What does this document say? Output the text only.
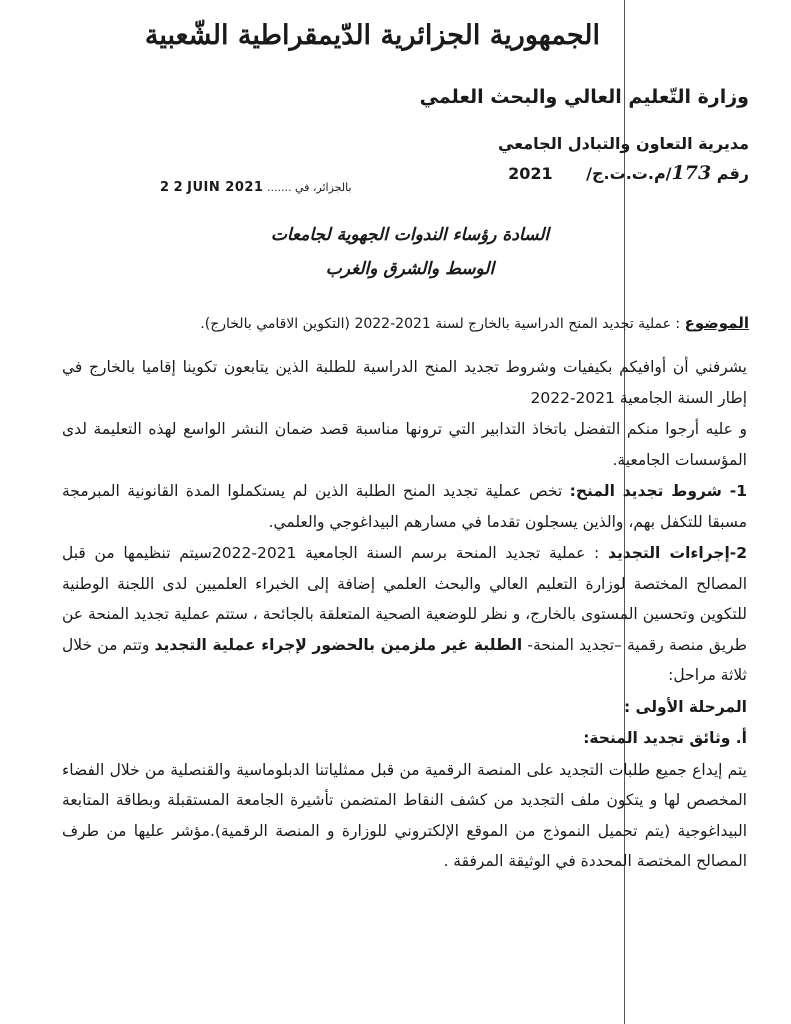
الجمهورية الجزائرية الدّيمقراطية الشّعبية
وزارة التّعليم العالي والبحث العلمي
مديرية التعاون والتبادل الجامعي
رقم 173/م.ت.ت.ج/ 2021
بالجزائر، في ....... 2 2 JUIN 2021
السادة رؤساء الندوات الجهوية لجامعات
الوسط والشرق والغرب
الموضوع : عملية تجديد المنح الدراسية بالخارج لسنة 2021-2022 (التكوين الاقامي بالخارج).

يشرفني أن أوافيكم بكيفيات وشروط تجديد المنح الدراسية للطلبة الذين يتابعون تكوينا إقاميا بالخارج في إطار السنة الجامعية 2021-2022

و عليه أرجوا منكم التفضل باتخاذ التدابير التي ترونها مناسبة قصد ضمان النشر الواسع لهذه التعليمة لدى المؤسسات الجامعية.

1- شروط تجديد المنح: تخص عملية تجديد المنح الطلبة الذين لم يستكملوا المدة القانونية المبرمجة مسبقا للتكفل بهم، والذين يسجلون تقدما في مسارهم البيداغوجي والعلمي.

2-إجراءات التجديد : عملية تجديد المنحة برسم السنة الجامعية 2021-2022سيتم تنظيمها من قبل المصالح المختصة لوزارة التعليم العالي والبحث العلمي إضافة إلى الخبراء العلميين لدى اللجنة الوطنية للتكوين وتحسين المستوى بالخارج، و نظر للوضعية الصحية المتعلقة بالجائحة ، ستتم عملية تجديد المنحة عن طريق منصة رقمية –تجديد المنحة- الطلبة غير ملزمين بالحضور لإجراء عملية التجديد وتتم من خلال ثلاثة مراحل:

المرحلة الأولى :

أ. وثائق تجديد المنحة:

يتم إيداع جميع طلبات التجديد على المنصة الرقمية من قبل ممثلياتنا الدبلوماسية والقنصلية من خلال الفضاء المخصص لها و يتكون ملف التجديد من كشف النقاط المتضمن تأشيرة الجامعة المستقبلة وبطاقة المتابعة البيداغوجية (يتم تحميل النموذج من الموقع الإلكتروني للوزارة و المنصة الرقمية).مؤشر عليها من طرف المصالح المختصة المحددة في الوثيقة المرفقة .
